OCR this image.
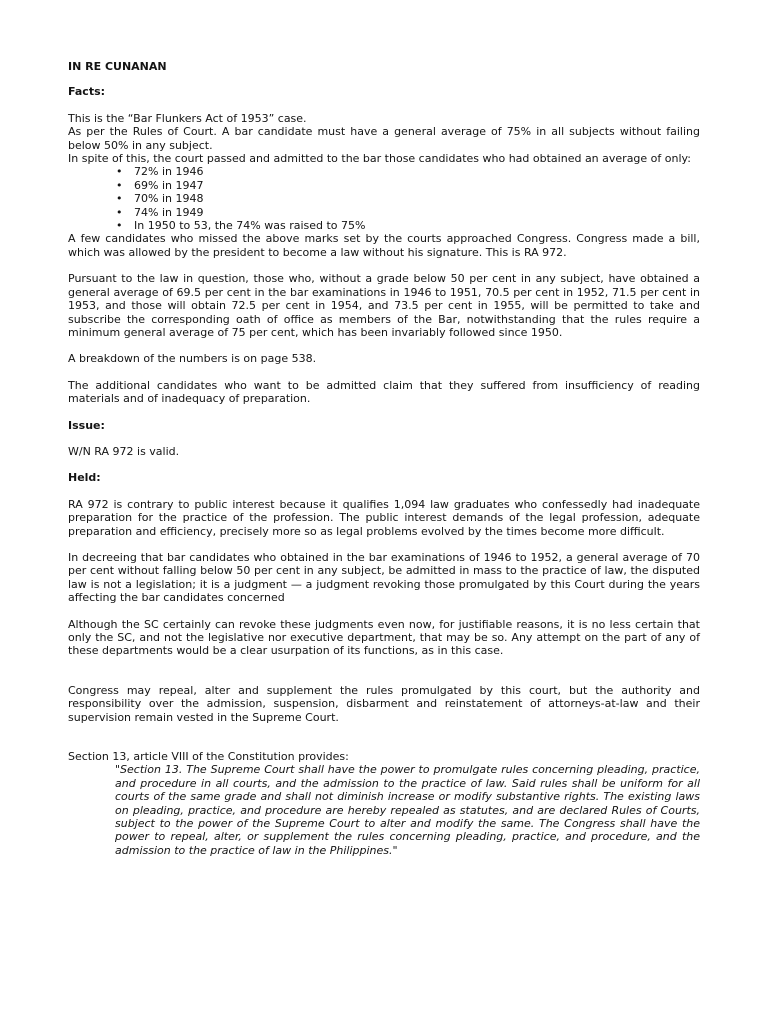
IN RE CUNANAN
Facts:

This is the “Bar Flunkers Act of 1953” case.

As per the Rules of Court. A bar candidate must have a general average of 75% in all subjects without failing below 50% in any subject.

In spite of this, the court passed and admitted to the bar those candidates who had obtained an average of only:

• 72% in 1946
• 69% in 1947
• 70% in 1948
• 74% in 1949
• In 1950 to 53, the 74% was raised to 75%

A few candidates who missed the above marks set by the courts approached Congress. Congress made a bill, which was allowed by the president to become a law without his signature. This is RA 972.

Pursuant to the law in question, those who, without a grade below 50 per cent in any subject, have obtained a general average of 69.5 per cent in the bar examinations in 1946 to 1951, 70.5 per cent in 1952, 71.5 per cent in 1953, and those will obtain 72.5 per cent in 1954, and 73.5 per cent in 1955, will be permitted to take and subscribe the corresponding oath of office as members of the Bar, notwithstanding that the rules require a minimum general average of 75 per cent, which has been invariably followed since 1950.

A breakdown of the numbers is on page 538.

The additional candidates who want to be admitted claim that they suffered from insufficiency of reading materials and of inadequacy of preparation.

Issue:

W/N RA 972 is valid.

Held:

RA 972 is contrary to public interest because it qualifies 1,094 law graduates who confessedly had inadequate preparation for the practice of the profession. The public interest demands of the legal profession, adequate preparation and efficiency, precisely more so as legal problems evolved by the times become more difficult.

In decreeing that bar candidates who obtained in the bar examinations of 1946 to 1952, a general average of 70 per cent without falling below 50 per cent in any subject, be admitted in mass to the practice of law, the disputed law is not a legislation; it is a judgment — a judgment revoking those promulgated by this Court during the years affecting the bar candidates concerned

Although the SC certainly can revoke these judgments even now, for justifiable reasons, it is no less certain that only the SC, and not the legislative nor executive department, that may be so. Any attempt on the part of any of these departments would be a clear usurpation of its functions, as in this case.

Congress may repeal, alter and supplement the rules promulgated by this court, but the authority and responsibility over the admission, suspension, disbarment and reinstatement of attorneys-at-law and their supervision remain vested in the Supreme Court.

Section 13, article VIII of the Constitution provides:

"Section 13. The Supreme Court shall have the power to promulgate rules concerning pleading, practice, and procedure in all courts, and the admission to the practice of law. Said rules shall be uniform for all courts of the same grade and shall not diminish increase or modify substantive rights. The existing laws on pleading, practice, and procedure are hereby repealed as statutes, and are declared Rules of Courts, subject to the power of the Supreme Court to alter and modify the same. The Congress shall have the power to repeal, alter, or supplement the rules concerning pleading, practice, and procedure, and the admission to the practice of law in the Philippines."
